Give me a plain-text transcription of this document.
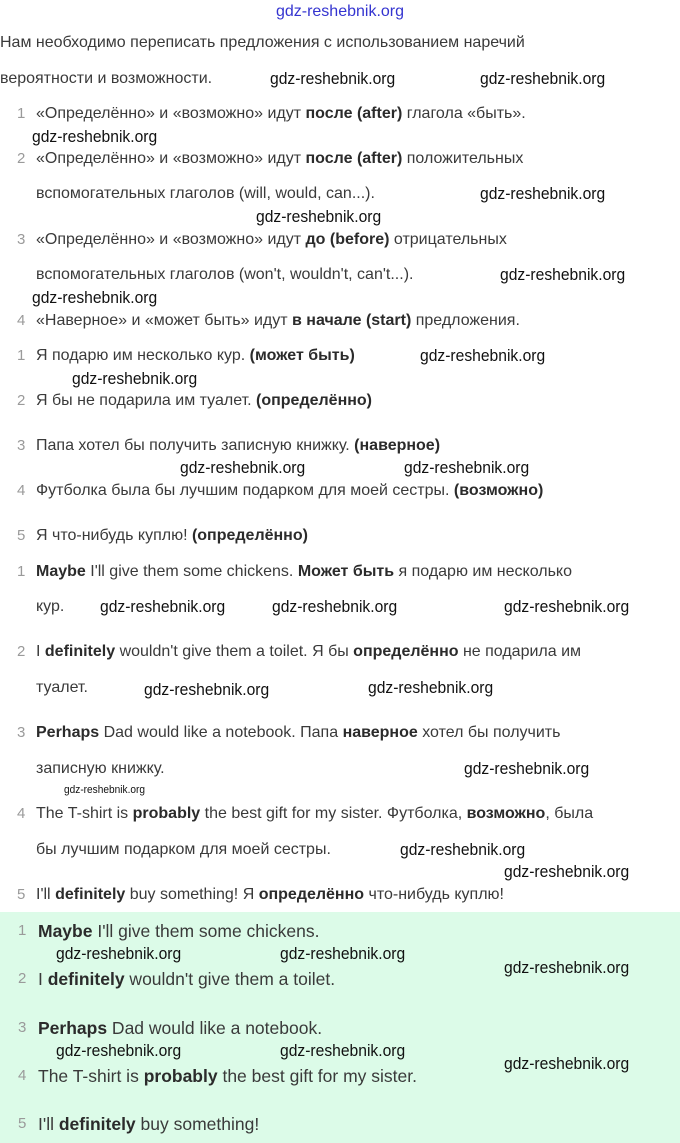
gdz-reshebnik.org
Нам необходимо переписать предложения с использованием наречий
вероятности и возможности.
1 «Определённо» и «возможно» идут после (after) глагола «быть».
2 «Определённо» и «возможно» идут после (after) положительных
вспомогательных глаголов (will, would, can...).
3 «Определённо» и «возможно» идут до (before) отрицательных
вспомогательных глаголов (won't, wouldn't, can't...).
4 «Наверное» и «может быть» идут в начале (start) предложения.
1 Я подарю им несколько кур. (может быть)
2 Я бы не подарила им туалет. (определённо)
3 Папа хотел бы получить записную книжку. (наверное)
4 Футболка была бы лучшим подарком для моей сестры. (возможно)
5 Я что-нибудь куплю! (определённо)
1 Maybe I'll give them some chickens. Может быть я подарю им несколько
кур.
2 I definitely wouldn't give them a toilet. Я бы определённо не подарила им
туалет.
3 Perhaps Dad would like a notebook. Папа наверное хотел бы получить
записную книжку.
4 The T-shirt is probably the best gift for my sister. Футболка, возможно, была
бы лучшим подарком для моей сестры.
5 I'll definitely buy something! Я определённо что-нибудь куплю!
1 Maybe I'll give them some chickens.
2 I definitely wouldn't give them a toilet.
3 Perhaps Dad would like a notebook.
4 The T-shirt is probably the best gift for my sister.
5 I'll definitely buy something!
gdz-reshebnik.org	gdz-reshebnik.org
gdz-reshebnik.org
gdz-reshebnik.org
gdz-reshebnik.org
gdz-reshebnik.org
gdz-reshebnik.org
gdz-reshebnik.org
gdz-reshebnik.org
gdz-reshebnik.org
gdz-reshebnik.org
gdz-reshebnik.org	gdz-reshebnik.org	gdz-reshebnik.org
gdz-reshebnik.org
gdz-reshebnik.org
gdz-reshebnik.org
gdz-reshebnik.org
gdz-reshebnik.org
gdz-reshebnik.org	gdz-reshebnik.org
gdz-reshebnik.org
gdz-reshebnik.org	gdz-reshebnik.org
gdz-reshebnik.org
gdz-reshebnik.org
